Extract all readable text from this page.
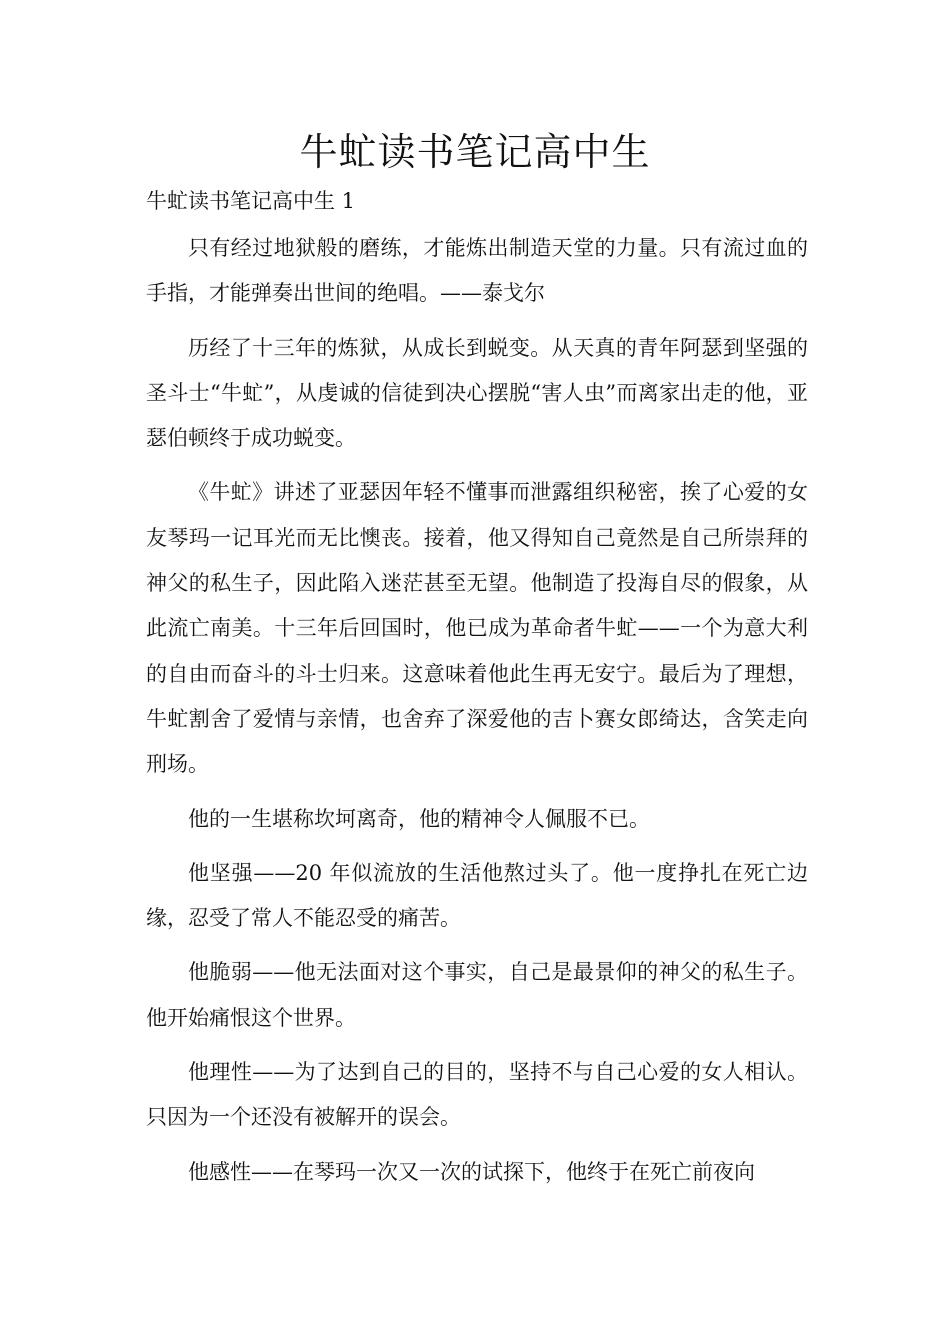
牛虻读书笔记高中生
牛虻读书笔记高中生 1

只有经过地狱般的磨练，才能炼出制造天堂的力量。只有流过血的手指，才能弹奏出世间的绝唱。——泰戈尔

历经了十三年的炼狱，从成长到蜕变。从天真的青年阿瑟到坚强的圣斗士“牛虻”，从虔诚的信徒到决心摆脱“害人虫”而离家出走的他，亚瑟伯顿终于成功蜕变。

《牛虻》讲述了亚瑟因年轻不懂事而泄露组织秘密，挨了心爱的女友琴玛一记耳光而无比懊丧。接着，他又得知自己竟然是自己所崇拜的神父的私生子，因此陷入迷茫甚至无望。他制造了投海自尽的假象，从此流亡南美。十三年后回国时，他已成为革命者牛虻——一个为意大利的自由而奋斗的斗士归来。这意味着他此生再无安宁。最后为了理想，牛虻割舍了爱情与亲情，也舍弃了深爱他的吉卜赛女郎绮达，含笑走向刑场。

他的一生堪称坎坷离奇，他的精神令人佩服不已。

他坚强——20 年似流放的生活他熬过头了。他一度挣扎在死亡边缘，忍受了常人不能忍受的痛苦。

他脆弱——他无法面对这个事实，自己是最景仰的神父的私生子。他开始痛恨这个世界。

他理性——为了达到自己的目的，坚持不与自己心爱的女人相认。只因为一个还没有被解开的误会。

他感性——在琴玛一次又一次的试探下，他终于在死亡前夜向
